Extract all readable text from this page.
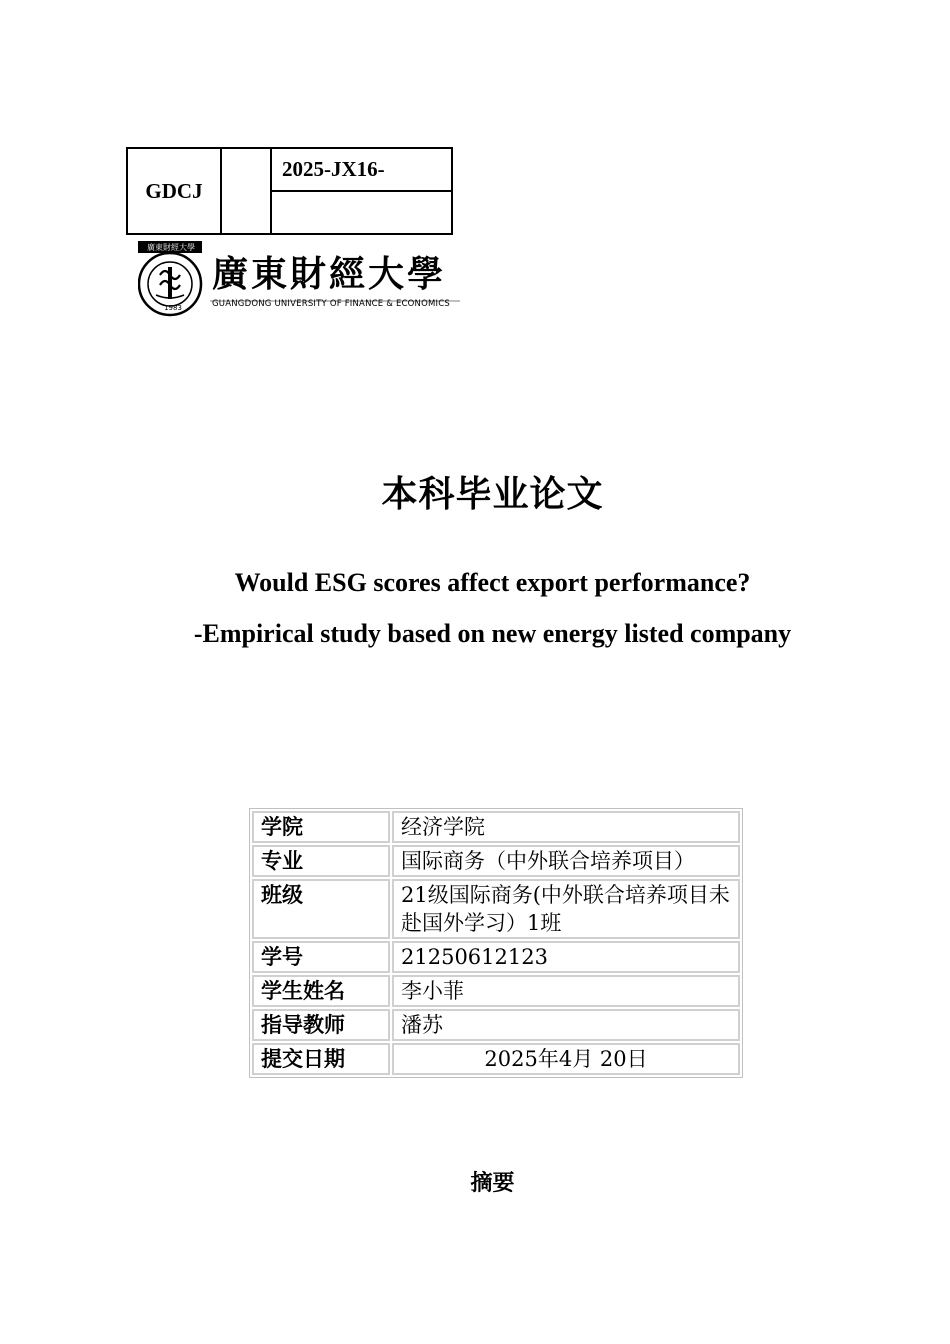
GDCJ		2025-JX16-

廣東財經大學
1983
廣東財經大學
GUANGDONG UNIVERSITY OF FINANCE & ECONOMICS
本科毕业论文
Would ESG scores affect export performance?
-Empirical study based on new energy listed company
学院	经济学院
专业	国际商务（中外联合培养项目）
班级	21级国际商务(中外联合培养项目未赴国外学习）1班
学号	21250612123
学生姓名	李小菲
指导教师	潘苏
提交日期	2025年4月 20日
摘要
